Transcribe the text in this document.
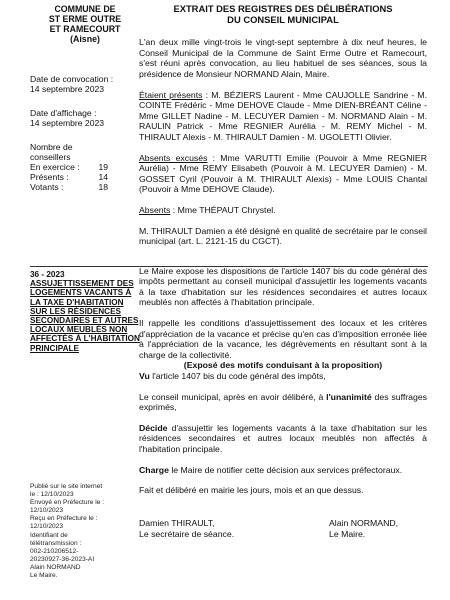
COMMUNE DE
ST ERME OUTRE
ET RAMECOURT
(Aisne)
Date de convocation :
14 septembre 2023
Date d'affichage :
14 septembre 2023
Nombre de
conseillers
En exercice : 19
Présents :	14
Votants :	18
36 - 2023
ASSUJETTISSEMENT DES LOGEMENTS VACANTS À LA TAXE D'HABITATION SUR LES RÉSIDENCES SECONDAIRES ET AUTRES LOCAUX MEUBLÉS NON AFFECTÉS À L'HABITATION PRINCIPALE
Publié sur le site internet
le : 12/10/2023
Envoyé en Préfecture le :
12/10/2023
Reçu en Préfecture le :
12/10/2023
Identifiant de
télétransmission :
002-210206512-
20230927-36-2023-AI
Alain NORMAND
Le Maire.
EXTRAIT DES REGISTRES DES DÉLIBÉRATIONS
DU CONSEIL MUNICIPAL

L'an deux mille vingt-trois le vingt-sept septembre à dix neuf heures, le Conseil Municipal de la Commune de Saint Erme Outre et Ramecourt, s'est réuni après convocation, au lieu habituel de ses séances, sous la présidence de Monsieur NORMAND Alain, Maire.

Étaient présents : M. BÉZIERS Laurent - Mme CAUJOLLE Sandrine - M. COINTE Frédéric - Mme DEHOVE Claude - Mme DIEN-BRÉANT Céline - Mme GILLET Nadine - M. LECUYER Damien - M. NORMAND Alain - M. RAULIN Patrick - Mme REGNIER Aurélia - M. REMY Michel - M. THIRAULT Alexis - M. THIRAULT Damien - M. UGOLETTI Olivier.

Absents excusés : Mme VARUTTI Emilie (Pouvoir à Mme REGNIER Aurélia) - Mme REMY Elisabeth (Pouvoir à M. LECUYER Damien) - M. GOSSET Cyril (Pouvoir à M. THIRAULT Alexis) - Mme LOUIS Chantal (Pouvoir à Mme DEHOVE Claude).

Absents : Mme THÉPAUT Chrystel.

M. THIRAULT Damien a été désigné en qualité de secrétaire par le conseil municipal (art. L. 2121-15 du CGCT).

Le Maire expose les dispositions de l'article 1407 bis du code général des impôts permettant au conseil municipal d'assujettir les logements vacants à la taxe d'habitation sur les résidences secondaires et autres locaux meublés non affectés à l'habitation principale.

Il rappelle les conditions d'assujettissement des locaux et les critères d'appréciation de la vacance et précise qu'en cas d'imposition erronée liée à l'appréciation de la vacance, les dégrèvements en résultant sont à la charge de la collectivité.

(Exposé des motifs conduisant à la proposition)

Vu l'article 1407 bis du code général des impôts,

Le conseil municipal, après en avoir délibéré, à l'unanimité des suffrages exprimés,

Décide d'assujettir les logements vacants à la taxe d'habitation sur les résidences secondaires et autres locaux meublés non affectés à l'habitation principale.

Charge le Maire de notifier cette décision aux services préfectoraux.

Fait et délibéré en mairie les jours, mois et an que dessus.

Damien THIRAULT,
Le secrétaire de séance.
Alain NORMAND,
Le Maire.
